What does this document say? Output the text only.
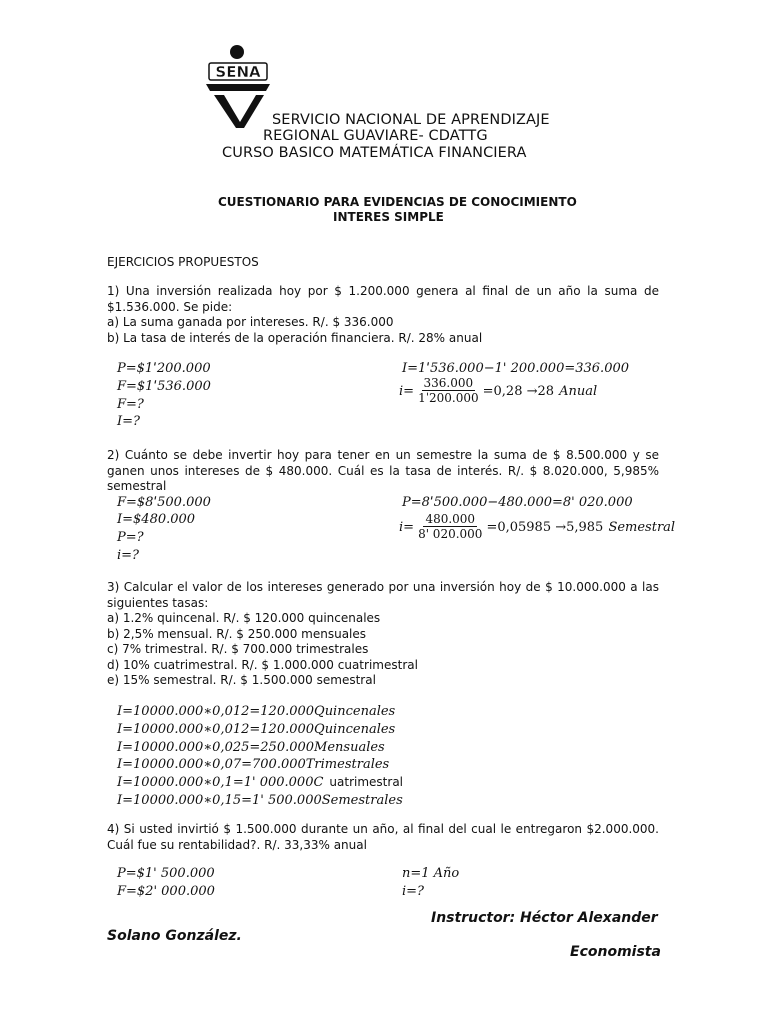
SENA
SERVICIO NACIONAL DE APRENDIZAJE
REGIONAL GUAVIARE- CDATTG
CURSO BASICO MATEMÁTICA FINANCIERA
CUESTIONARIO PARA EVIDENCIAS DE CONOCIMIENTO
INTERES SIMPLE
EJERCICIOS PROPUESTOS

1) Una inversión realizada hoy por $ 1.200.000 genera al final de un año la suma de $1.536.000. Se pide:

a) La suma ganada por intereses. R/. $ 336.000

b) La tasa de interés de la operación financiera. R/. 28% anual

P=$1ˈ200.000
F=$1ˈ536.000
F=?
I=?
I=1ˈ536.000−1' 200.000=336.000
$i= \frac{336.000}{\text{1ˈ200.000}} =0,28 \to 28$ Anual

2) Cuánto se debe invertir hoy para tener en un semestre la suma de $ 8.500.000 y se ganen unos intereses de $ 480.000. Cuál es la tasa de interés. R/. $ 8.020.000, 5,985% semestral

F=$8ˈ500.000
I=$480.000
P=?
i=?
P=8ˈ500.000−480.000=8' 020.000
$i= \frac{480.000}{8' 020.000} =0,05985 \to 5,985$ Semestral

3) Calcular el valor de los intereses generado por una inversión hoy de $ 10.000.000 a las siguientes tasas:

a) 1.2% quincenal. R/. $ 120.000 quincenales

b) 2,5% mensual. R/. $ 250.000 mensuales

c) 7% trimestral. R/. $ 700.000 trimestrales

d) 10% cuatrimestral. R/. $ 1.000.000 cuatrimestral

e) 15% semestral. R/. $ 1.500.000 semestral

I=10000.000∗0,012=120.000Quincenales
I=10000.000∗0,012=120.000Quincenales
I=10000.000∗0,025=250.000Mensuales
I=10000.000∗0,07=700.000Trimestrales
I=10000.000∗0,1=1' 000.000C uatrimestral
I=10000.000∗0,15=1' 500.000Semestrales

4) Si usted invirtió $ 1.500.000 durante un año, al final del cual le entregaron $2.000.000. Cuál fue su rentabilidad?. R/. 33,33% anual

P=$1' 500.000
F=$2' 000.000
n=1 Año
i=?
Instructor: Héctor Alexander
Solano González.
Economista
